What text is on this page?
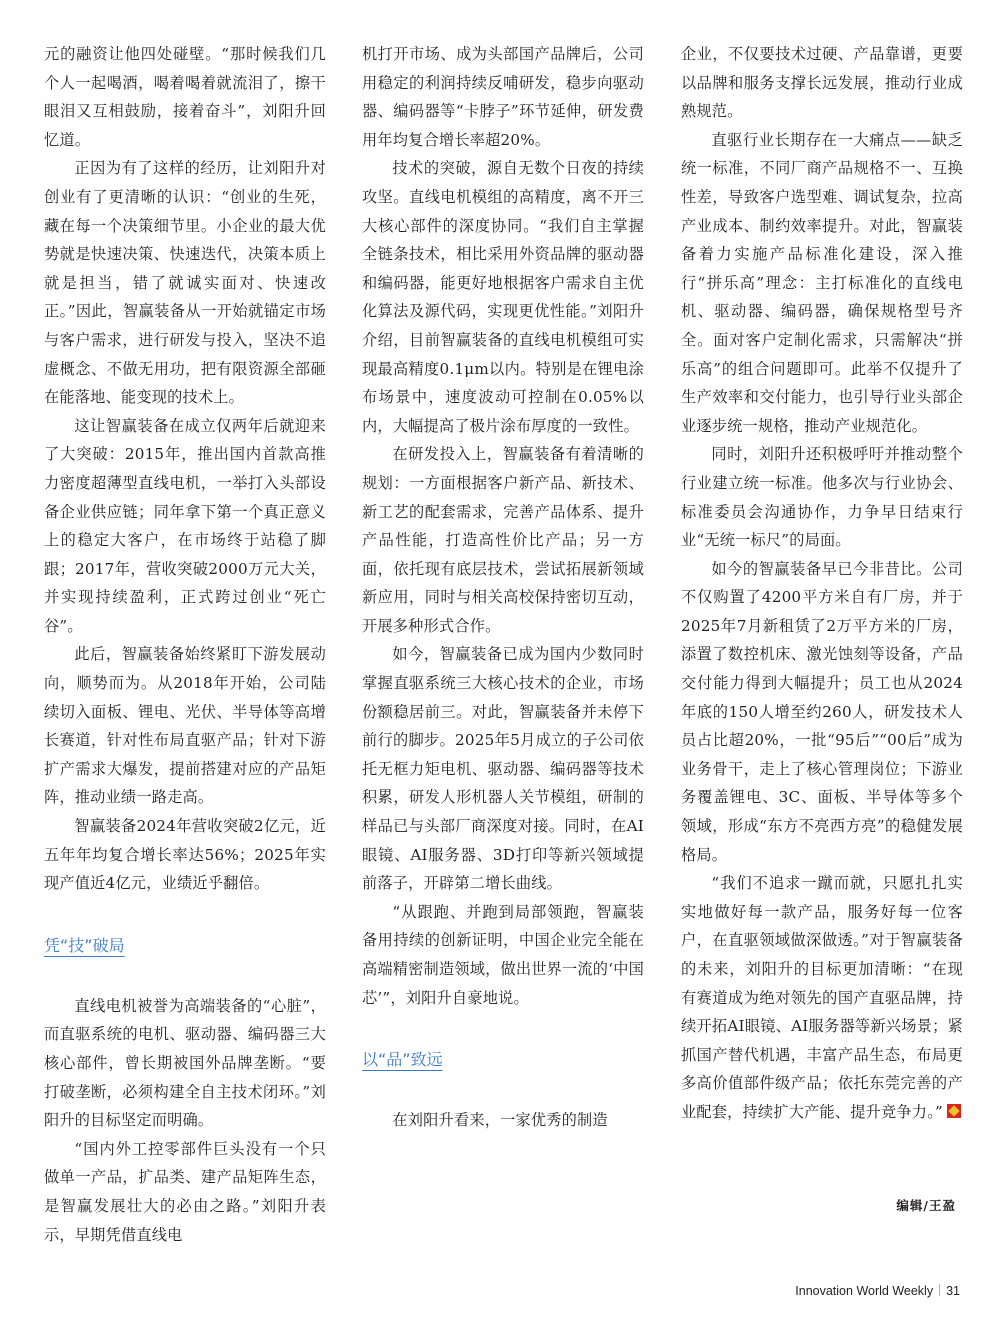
元的融资让他四处碰壁。“那时候我们几个人一起喝酒，喝着喝着就流泪了，擦干眼泪又互相鼓励，接着奋斗”，刘阳升回忆道。

正因为有了这样的经历，让刘阳升对创业有了更清晰的认识：“创业的生死，藏在每一个决策细节里。小企业的最大优势就是快速决策、快速迭代，决策本质上就是担当，错了就诚实面对、快速改正。”因此，智赢装备从一开始就锚定市场与客户需求，进行研发与投入，坚决不追虚概念、不做无用功，把有限资源全部砸在能落地、能变现的技术上。

这让智赢装备在成立仅两年后就迎来了大突破：2015年，推出国内首款高推力密度超薄型直线电机，一举打入头部设备企业供应链；同年拿下第一个真正意义上的稳定大客户，在市场终于站稳了脚跟；2017年，营收突破2000万元大关，并实现持续盈利，正式跨过创业“死亡谷”。

此后，智赢装备始终紧盯下游发展动向，顺势而为。从2018年开始，公司陆续切入面板、锂电、光伏、半导体等高增长赛道，针对性布局直驱产品；针对下游扩产需求大爆发，提前搭建对应的产品矩阵，推动业绩一路走高。

智赢装备2024年营收突破2亿元，近五年年均复合增长率达56%；2025年实现产值近4亿元，业绩近乎翻倍。

凭“技”破局

直线电机被誉为高端装备的“心脏”，而直驱系统的电机、驱动器、编码器三大核心部件，曾长期被国外品牌垄断。“要打破垄断，必须构建全自主技术闭环。”刘阳升的目标坚定而明确。

“国内外工控零部件巨头没有一个只做单一产品，扩品类、建产品矩阵生态，是智赢发展壮大的必由之路。”刘阳升表示，早期凭借直线电

机打开市场、成为头部国产品牌后，公司用稳定的利润持续反哺研发，稳步向驱动器、编码器等“卡脖子”环节延伸，研发费用年均复合增长率超20%。

技术的突破，源自无数个日夜的持续攻坚。直线电机模组的高精度，离不开三大核心部件的深度协同。“我们自主掌握全链条技术，相比采用外资品牌的驱动器和编码器，能更好地根据客户需求自主优化算法及源代码，实现更优性能。”刘阳升介绍，目前智赢装备的直线电机模组可实现最高精度0.1μm以内。特别是在锂电涂布场景中，速度波动可控制在0.05%以内，大幅提高了极片涂布厚度的一致性。

在研发投入上，智赢装备有着清晰的规划：一方面根据客户新产品、新技术、新工艺的配套需求，完善产品体系、提升产品性能，打造高性价比产品；另一方面，依托现有底层技术，尝试拓展新领域新应用，同时与相关高校保持密切互动，开展多种形式合作。

如今，智赢装备已成为国内少数同时掌握直驱系统三大核心技术的企业，市场份额稳居前三。对此，智赢装备并未停下前行的脚步。2025年5月成立的子公司依托无框力矩电机、驱动器、编码器等技术积累，研发人形机器人关节模组，研制的样品已与头部厂商深度对接。同时，在AI眼镜、AI服务器、3D打印等新兴领域提前落子，开辟第二增长曲线。

“从跟跑、并跑到局部领跑，智赢装备用持续的创新证明，中国企业完全能在高端精密制造领域，做出世界一流的‘中国芯’”，刘阳升自豪地说。

以“品”致远

在刘阳升看来，一家优秀的制造

企业，不仅要技术过硬、产品靠谱，更要以品牌和服务支撑长远发展，推动行业成熟规范。

直驱行业长期存在一大痛点——缺乏统一标准，不同厂商产品规格不一、互换性差，导致客户选型难、调试复杂，拉高产业成本、制约效率提升。对此，智赢装备着力实施产品标准化建设，深入推行“拼乐高”理念：主打标准化的直线电机、驱动器、编码器，确保规格型号齐全。面对客户定制化需求，只需解决“拼乐高”的组合问题即可。此举不仅提升了生产效率和交付能力，也引导行业头部企业逐步统一规格，推动产业规范化。

同时，刘阳升还积极呼吁并推动整个行业建立统一标准。他多次与行业协会、标准委员会沟通协作，力争早日结束行业“无统一标尺”的局面。

如今的智赢装备早已今非昔比。公司不仅购置了4200平方米自有厂房，并于2025年7月新租赁了2万平方米的厂房，添置了数控机床、激光蚀刻等设备，产品交付能力得到大幅提升；员工也从2024年底的150人增至约260人，研发技术人员占比超20%，一批“95后”“00后”成为业务骨干，走上了核心管理岗位；下游业务覆盖锂电、3C、面板、半导体等多个领域，形成“东方不亮西方亮”的稳健发展格局。

“我们不追求一蹴而就，只愿扎扎实实地做好每一款产品，服务好每一位客户，在直驱领域做深做透。”对于智赢装备的未来，刘阳升的目标更加清晰：“在现有赛道成为绝对领先的国产直驱品牌，持续开拓AI眼镜、AI服务器等新兴场景；紧抓国产替代机遇，丰富产品生态，布局更多高价值部件级产品；依托东莞完善的产业配套，持续扩大产能、提升竞争力。”

编辑/王盈
Innovation World Weekly 31
